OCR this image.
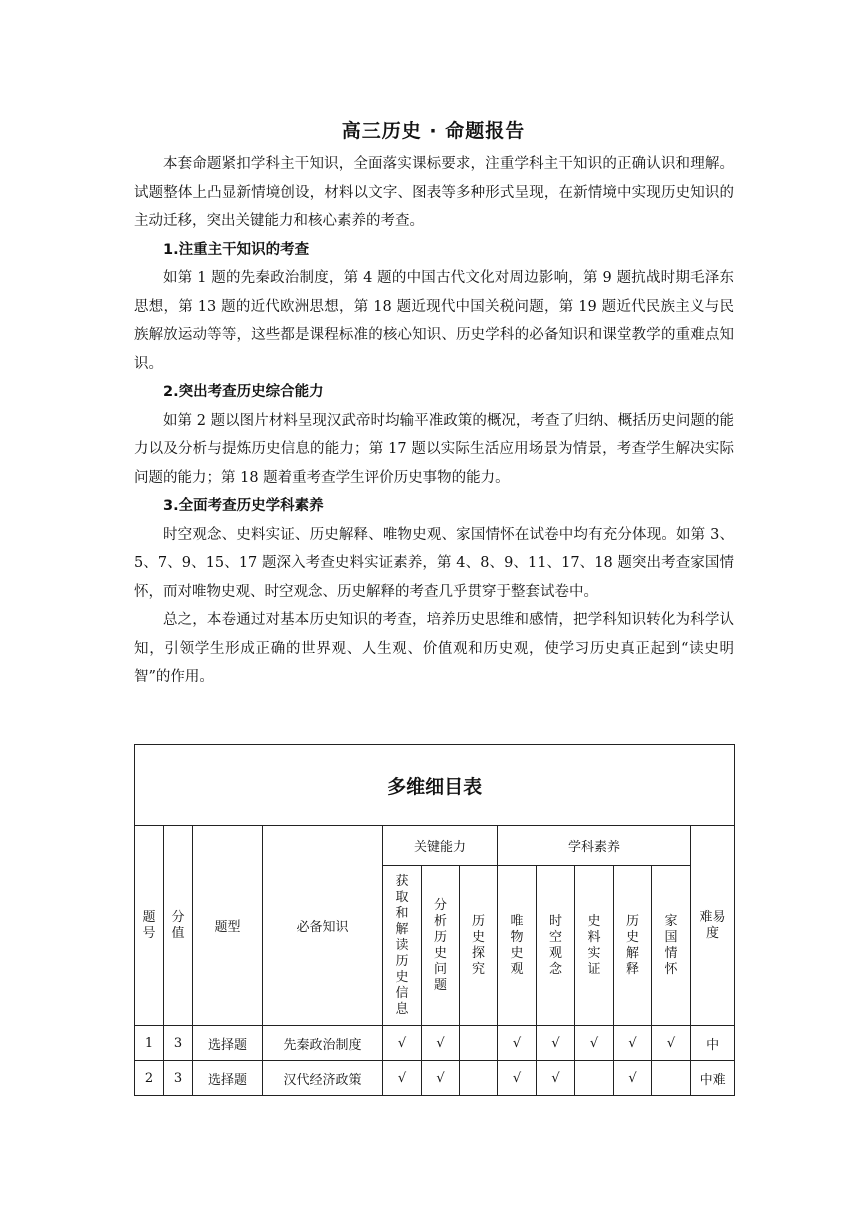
高三历史 · 命题报告

本套命题紧扣学科主干知识，全面落实课标要求，注重学科主干知识的正确认识和理解。试题整体上凸显新情境创设，材料以文字、图表等多种形式呈现，在新情境中实现历史知识的主动迁移，突出关键能力和核心素养的考查。

1.注重主干知识的考查

如第 1 题的先秦政治制度，第 4 题的中国古代文化对周边影响，第 9 题抗战时期毛泽东思想，第 13 题的近代欧洲思想，第 18 题近现代中国关税问题，第 19 题近代民族主义与民族解放运动等等，这些都是课程标准的核心知识、历史学科的必备知识和课堂教学的重难点知识。

2.突出考查历史综合能力

如第 2 题以图片材料呈现汉武帝时均输平准政策的概况，考查了归纳、概括历史问题的能力以及分析与提炼历史信息的能力；第 17 题以实际生活应用场景为情景，考查学生解决实际问题的能力；第 18 题着重考查学生评价历史事物的能力。

3.全面考查历史学科素养

时空观念、史料实证、历史解释、唯物史观、家国情怀在试卷中均有充分体现。如第 3、5、7、9、15、17 题深入考查史料实证素养，第 4、8、9、11、17、18 题突出考查家国情怀，而对唯物史观、时空观念、历史解释的考查几乎贯穿于整套试卷中。

总之，本卷通过对基本历史知识的考查，培养历史思维和感情，把学科知识转化为科学认知，引领学生形成正确的世界观、人生观、价值观和历史观，使学习历史真正起到“读史明智”的作用。

多维细目表												
题号	分值	题型	必备知识	关键能力			学科素养					难易度
				获取和解读历史信息	分析历史问题	历史探究	唯物史观	时空观念	史料实证	历史解释	家国情怀	
1	3	选择题	先秦政治制度	√	√		√	√	√	√	√	中
2	3	选择题	汉代经济政策	√	√		√	√		√		中难
